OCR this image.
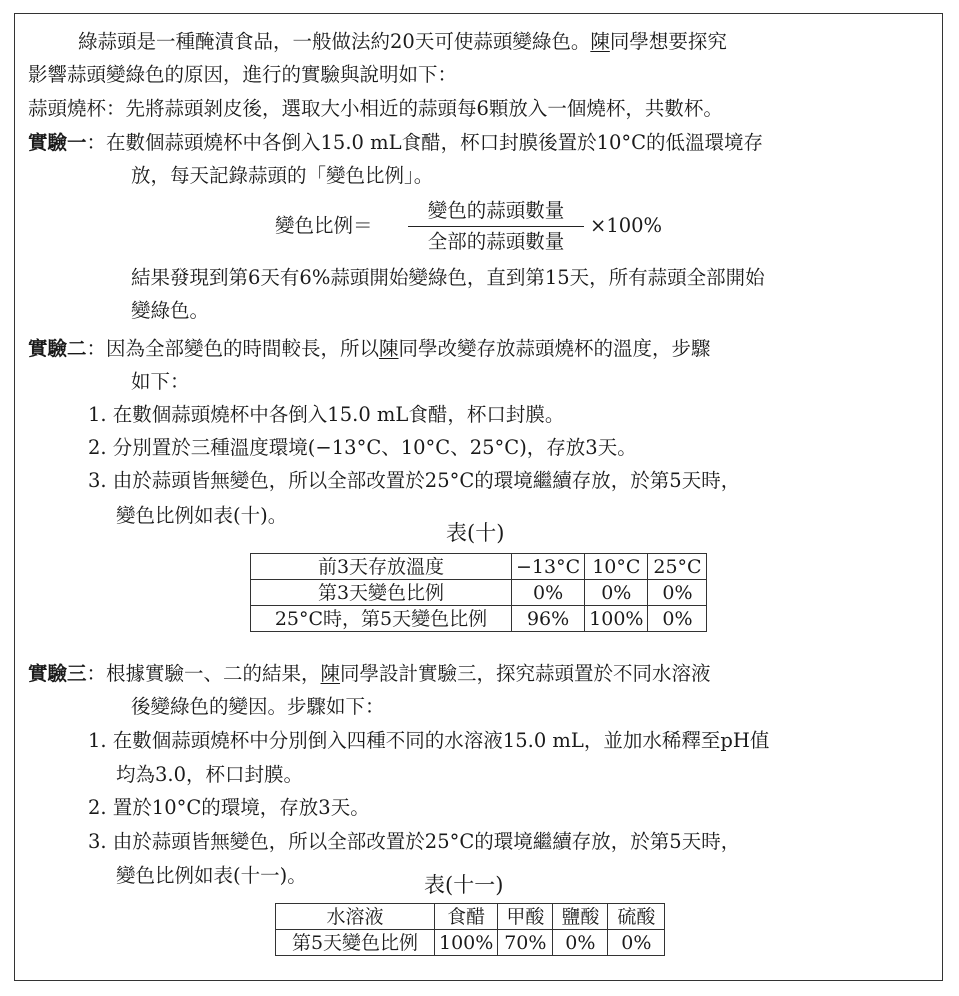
綠蒜頭是一種醃漬食品，一般做法約20天可使蒜頭變綠色。陳同學想要探究
影響蒜頭變綠色的原因，進行的實驗與說明如下：
蒜頭燒杯：先將蒜頭剝皮後，選取大小相近的蒜頭每6顆放入一個燒杯，共數杯。
實驗一：在數個蒜頭燒杯中各倒入15.0 mL食醋，杯口封膜後置於10°C的低溫環境存
放，每天記錄蒜頭的「變色比例」。
變色比例＝
變色的蒜頭數量
全部的蒜頭數量
×100%
結果發現到第6天有6%蒜頭開始變綠色，直到第15天，所有蒜頭全部開始
變綠色。
實驗二：因為全部變色的時間較長，所以陳同學改變存放蒜頭燒杯的溫度，步驟
如下：
1. 在數個蒜頭燒杯中各倒入15.0 mL食醋，杯口封膜。
2. 分別置於三種溫度環境(−13°C、10°C、25°C)，存放3天。
3. 由於蒜頭皆無變色，所以全部改置於25°C的環境繼續存放，於第5天時，
變色比例如表(十)。
表(十)
前3天存放溫度	−13°C	10°C	25°C
第3天變色比例	0%	0%	0%
25°C時，第5天變色比例	96%	100%	0%
實驗三：根據實驗一、二的結果，陳同學設計實驗三，探究蒜頭置於不同水溶液
後變綠色的變因。步驟如下：
1. 在數個蒜頭燒杯中分別倒入四種不同的水溶液15.0 mL，並加水稀釋至pH值
均為3.0，杯口封膜。
2. 置於10°C的環境，存放3天。
3. 由於蒜頭皆無變色，所以全部改置於25°C的環境繼續存放，於第5天時，
變色比例如表(十一)。	表(十一)
水溶液	食醋	甲酸	鹽酸	硫酸
第5天變色比例	100%	70%	0%	0%
